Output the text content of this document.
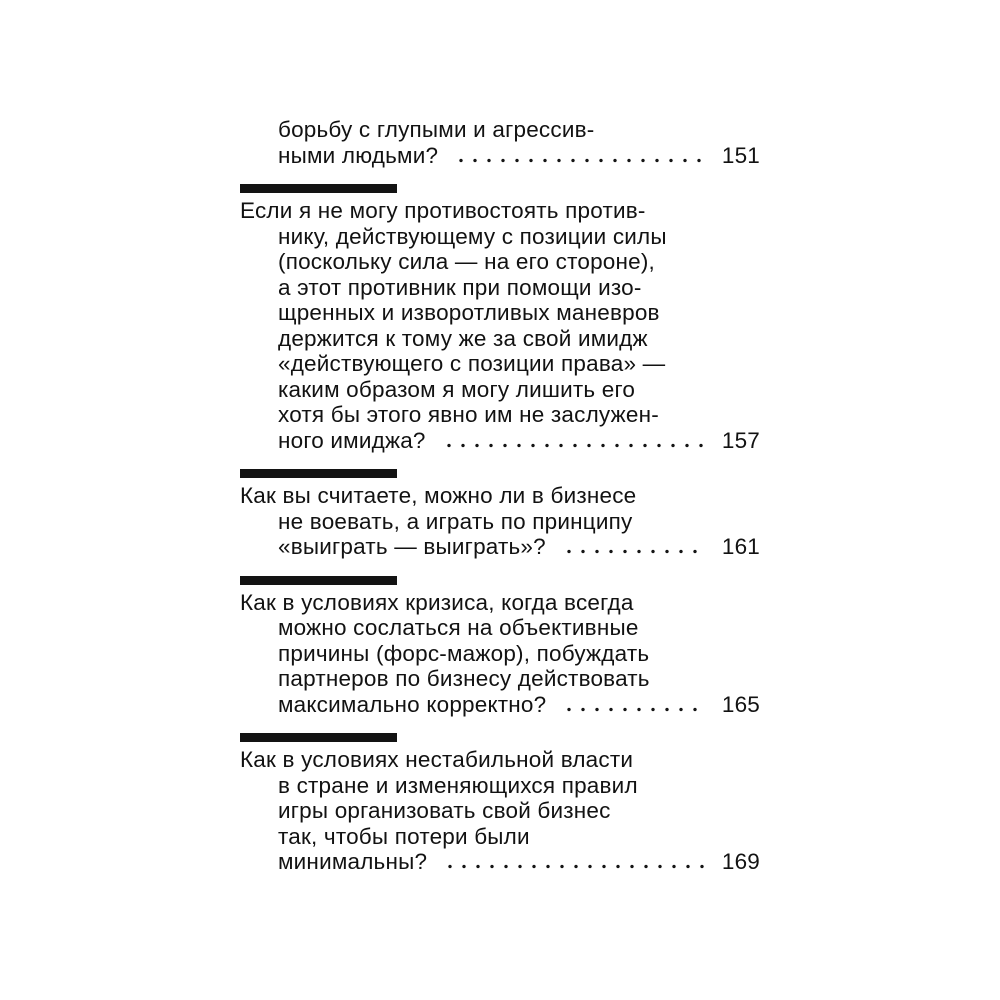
борьбу с глупыми и агрессив-
ными людьми?	151
Если я не могу противостоять против-
нику, действующему с позиции силы
(поскольку сила — на его стороне),
а этот противник при помощи изо-
щренных и изворотливых маневров
держится к тому же за свой имидж
«действующего с позиции права» —
каким образом я могу лишить его
хотя бы этого явно им не заслужен-
ного имиджа?	157
Как вы считаете, можно ли в бизнесе
не воевать, а играть по принципу
«выиграть — выиграть»?	161
Как в условиях кризиса, когда всегда
можно сослаться на объективные
причины (форс-мажор), побуждать
партнеров по бизнесу действовать
максимально корректно?	165
Как в условиях нестабильной власти
в стране и изменяющихся правил
игры организовать свой бизнес
так, чтобы потери были
минимальны?	169
